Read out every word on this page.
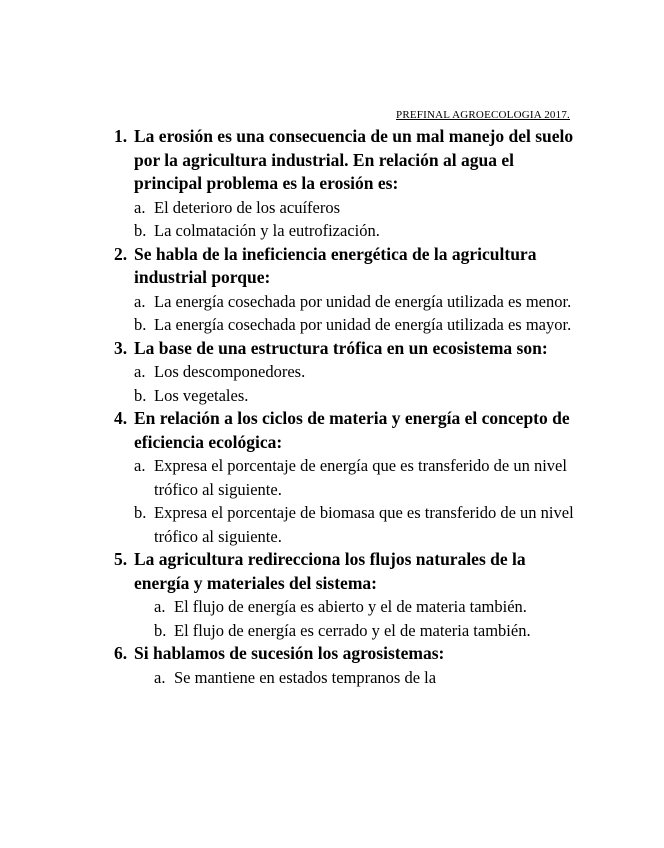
PREFINAL AGROECOLOGIA 2017.

1. La erosión es una consecuencia de un mal manejo del suelo por la agricultura industrial. En relación al agua el principal problema es la erosión es:

a. El deterioro de los acuíferos
b. La colmatación y la eutrofización.

2. Se habla de la ineficiencia energética de la agricultura industrial porque:

a. La energía cosechada por unidad de energía utilizada es menor.
b. La energía cosechada por unidad de energía utilizada es mayor.

3. La base de una estructura trófica en un ecosistema son:

a. Los descomponedores.
b. Los vegetales.

4. En relación a los ciclos de materia y energía el concepto de eficiencia ecológica:

a. Expresa el porcentaje de energía que es transferido de un nivel trófico al siguiente.
b. Expresa el porcentaje de biomasa que es transferido de un nivel trófico al siguiente.

5. La agricultura redirecciona los flujos naturales de la energía y materiales del sistema:

a. El flujo de energía es abierto y el de materia también.
b. El flujo de energía es cerrado y el de materia también.

6. Si hablamos de sucesión los agrosistemas:

a. Se mantiene en estados tempranos de la
